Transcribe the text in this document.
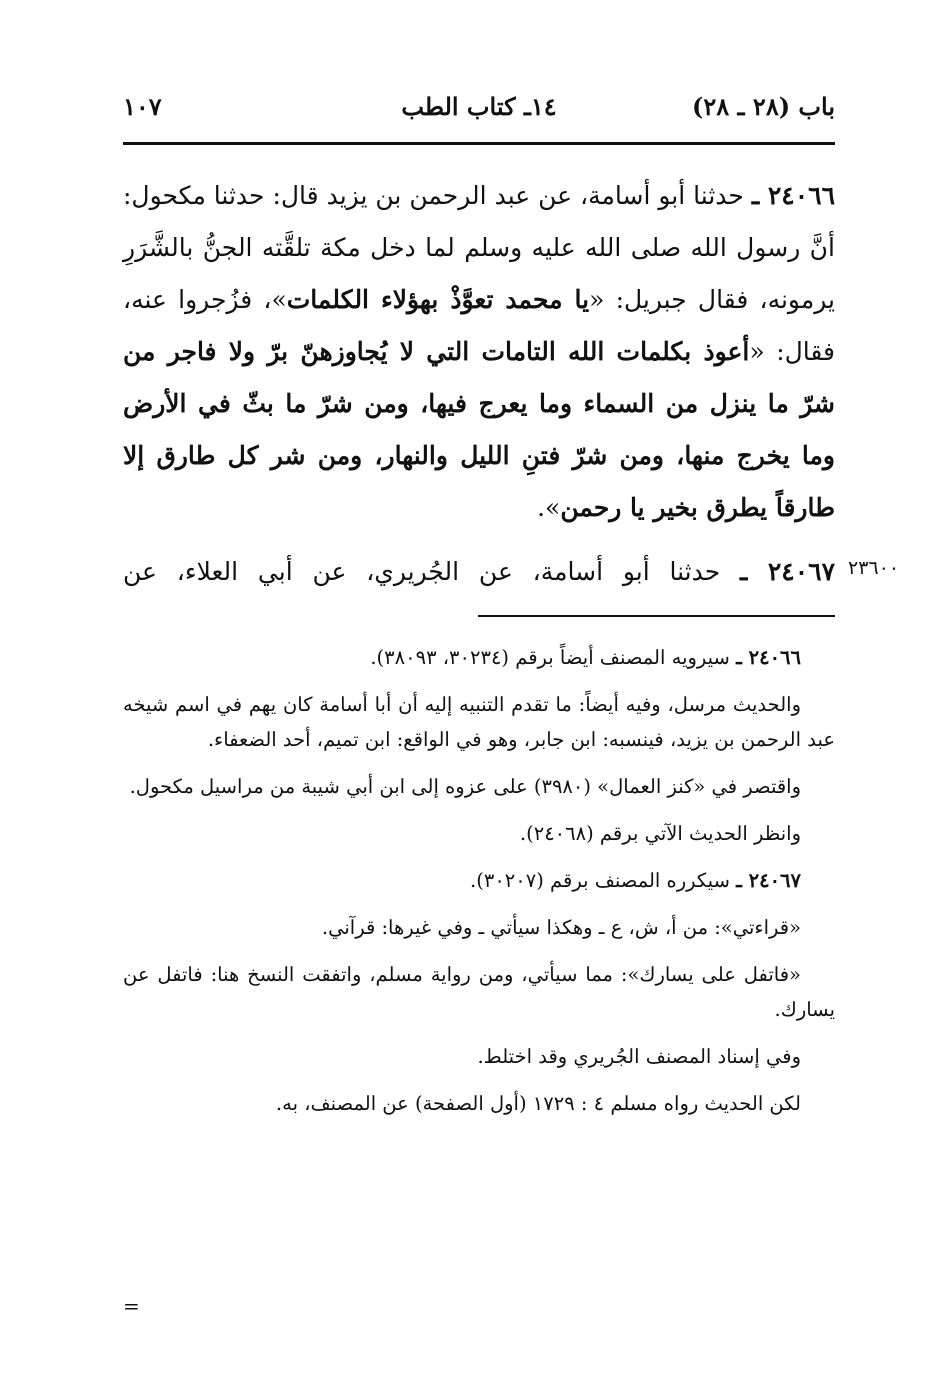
باب (٢٨ ـ ٢٨)
١٤ـ كتاب الطب
١٠٧
٢٤٠٦٦ ـ حدثنا أبو أسامة، عن عبد الرحمن بن يزيد قال: حدثنا مكحول: أنَّ رسول الله صلى الله عليه وسلم لما دخل مكة تلقَّته الجنُّ بالشَّرَرِ يرمونه، فقال جبريل: «يا محمد تعوَّذْ بهؤلاء الكلمات»، فزُجروا عنه، فقال: «أعوذ بكلمات الله التامات التي لا يُجاوزهنّ برّ ولا فاجر من شرّ ما ينزل من السماء وما يعرج فيها، ومن شرّ ما بثّ في الأرض وما يخرج منها، ومن شرّ فتنِ الليل والنهار، ومن شر كل طارق إلا طارقاً يطرق بخير يا رحمن».
٢٣٦٠٠
٢٤٠٦٧ ـ حدثنا أبو أسامة، عن الجُريري، عن أبي العلاء، عن

٢٤٠٦٦ ـ سيرويه المصنف أيضاً برقم (٣٠٢٣٤، ٣٨٠٩٣).

والحديث مرسل، وفيه أيضاً: ما تقدم التنبيه إليه أن أبا أسامة كان يهم في اسم شيخه عبد الرحمن بن يزيد، فينسبه: ابن جابر، وهو في الواقع: ابن تميم، أحد الضعفاء.

واقتصر في «كنز العمال» (٣٩٨٠) على عزوه إلى ابن أبي شيبة من مراسيل مكحول.

وانظر الحديث الآتي برقم (٢٤٠٦٨).

٢٤٠٦٧ ـ سيكرره المصنف برقم (٣٠٢٠٧).

«قراءتي»: من أ، ش، ع ـ وهكذا سيأتي ـ وفي غيرها: قرآني.

«فاتفل على يسارك»: مما سيأتي، ومن رواية مسلم، واتفقت النسخ هنا: فاتفل عن يسارك.

وفي إسناد المصنف الجُريري وقد اختلط.

لكن الحديث رواه مسلم ٤ : ١٧٢٩ (أول الصفحة) عن المصنف، به.

=
